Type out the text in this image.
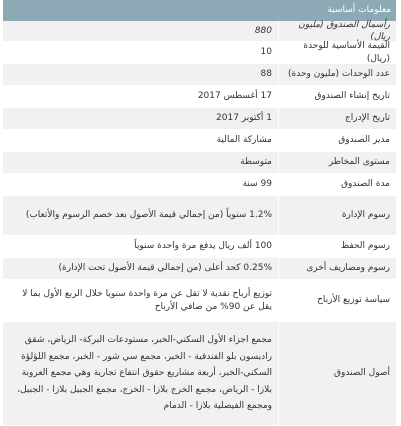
معلومات أساسية
رأسمال الصندوق (مليون ريال)
880
القيمة الأساسية للوحدة (ريال)
10
عدد الوحدات (مليون وحدة)
88
تاريخ إنشاء الصندوق
17 أغسطس 2017
تاريخ الإدراج
1 أكتوبر 2017
مدير الصندوق
مشاركة المالية
مستوى المخاطر
متوسطة
مدة الصندوق
99 سنة
رسوم الإدارة
1.2% سنوياً (من إجمالي قيمة الأصول بعد خصم الرسوم والأتعاب)
رسوم الحفظ
100 ألف ريال يدفع مرة واحدة سنوياً
رسوم ومصاريف أخرى
0.25% كحد أعلى (من إجمالي قيمة الأصول تحت الإدارة)
سياسة توزيع الأرباح
توزيع أرباح نقدية لا تقل عن مرة واحدة سنويا خلال الربع الأول بما لا يقل عن 90% من صافي الأرباح
أصول الصندوق
مجمع اجزاء الأول السكني-الخبر، مستودعات البركة- الرياض، شقق راديسون بلو الفندقية - الخبر، مجمع سي شور - الخبر، مجمع اللؤلؤة السكني-الخبر، أربعة مشاريع حقوق انتفاع تجارية وهي مجمع العروبة بلازا - الرياض، مجمع الخرج بلازا - الخرج، مجمع الجبيل بلازا - الجبيل، ومجمع الفيصلية بلازا - الدمام
